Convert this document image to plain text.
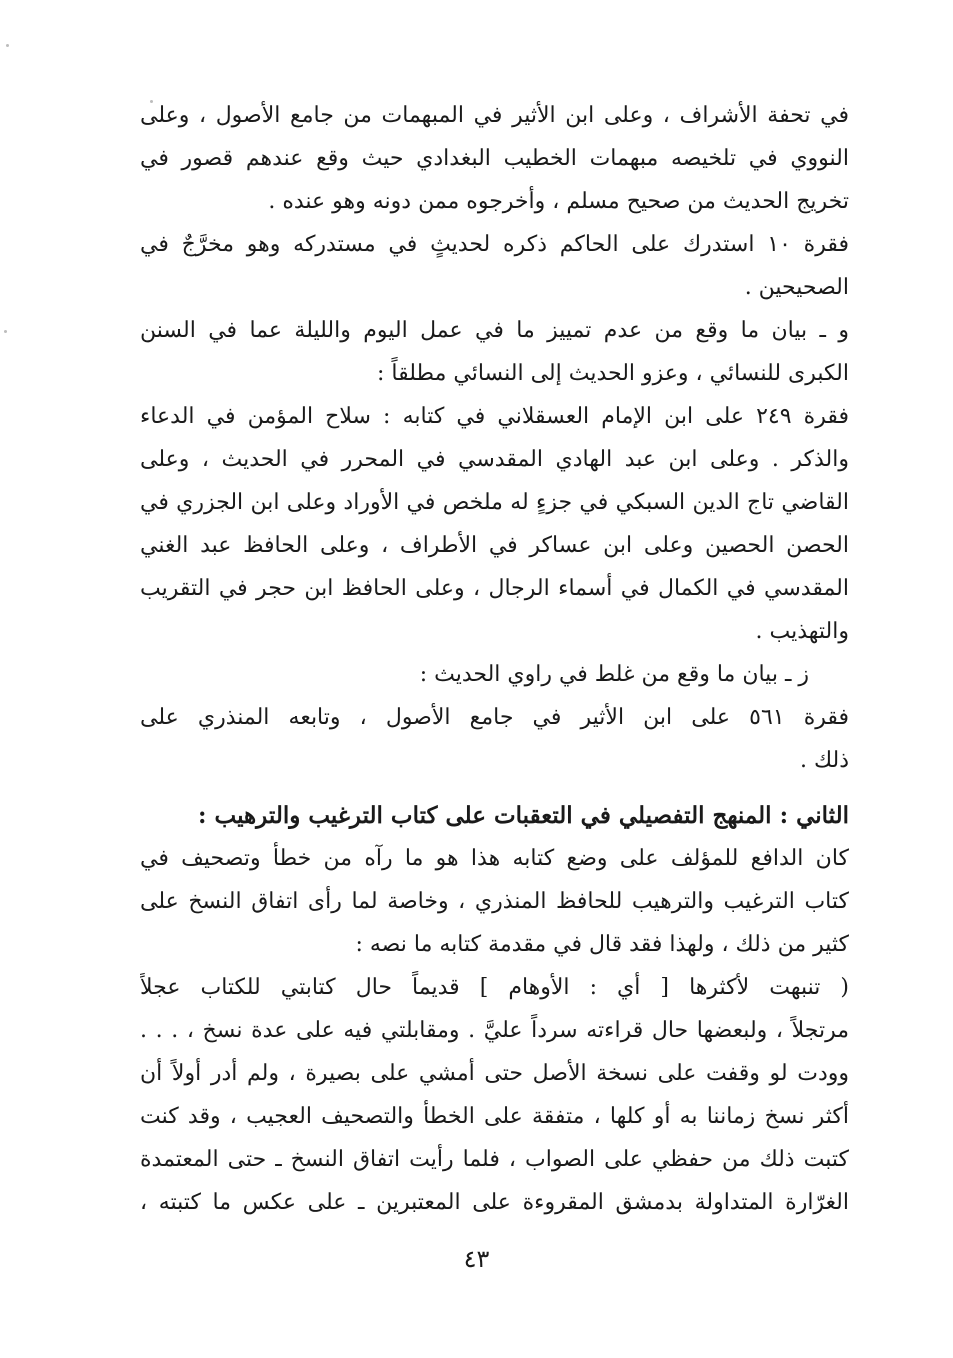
في تحفة الأشراف ، وعلى ابن الأثير في المبهمات من جامع الأصول ، وعلى
النووي في تلخيصه مبهمات الخطيب البغدادي حيث وقع عندهم قصور في
تخريج الحديث من صحيح مسلم ، وأخرجوه ممن دونه وهو عنده .
فقرة ١٠ استدرك على الحاكم ذكره لحديثٍ في مستدركه وهو مخرَّجٌ في
الصحيحين .
و ـ بيان ما وقع من عدم تمييز ما في عمل اليوم والليلة عما في السنن
الكبرى للنسائي ، وعزو الحديث إلى النسائي مطلقاً :
فقرة ٢٤٩ على ابن الإمام العسقلاني في كتابه : سلاح المؤمن في الدعاء
والذكر . وعلى ابن عبد الهادي المقدسي في المحرر في الحديث ، وعلى
القاضي تاج الدين السبكي في جزءٍ له ملخص في الأوراد وعلى ابن الجزري في
الحصن الحصين وعلى ابن عساكر في الأطراف ، وعلى الحافظ عبد الغني
المقدسي في الكمال في أسماء الرجال ، وعلى الحافظ ابن حجر في التقريب
والتهذيب .
ز ـ بيان ما وقع من غلط في راوي الحديث :
فقرة ٥٦١ على ابن الأثير في جامع الأصول ، وتابعه المنذري على
ذلك .
الثاني : المنهج التفصيلي في التعقبات على كتاب الترغيب والترهيب :
كان الدافع للمؤلف على وضع كتابه هذا هو ما رآه من خطأ وتصحيف في
كتاب الترغيب والترهيب للحافظ المنذري ، وخاصة لما رأى اتفاق النسخ على
كثير من ذلك ، ولهذا فقد قال في مقدمة كتابه ما نصه :
( تنبهت لأكثرها [ أي : الأوهام ] قديماً حال كتابتي للكتاب عجلاً
مرتجلاً ، ولبعضها حال قراءته سرداً عليَّ . ومقابلتي فيه على عدة نسخ ، . . .
وودت لو وقفت على نسخة الأصل حتى أمشي على بصيرة ، ولم أدر أولاً أن
أكثر نسخ زماننا به أو كلها ، متفقة على الخطأ والتصحيف العجيب ، وقد كنت
كتبت ذلك من حفظي على الصواب ، فلما رأيت اتفاق النسخ ـ حتى المعتمدة
الغرّارة المتداولة بدمشق المقروءة على المعتبرين ـ على عكس ما كتبته ،
٤٣
